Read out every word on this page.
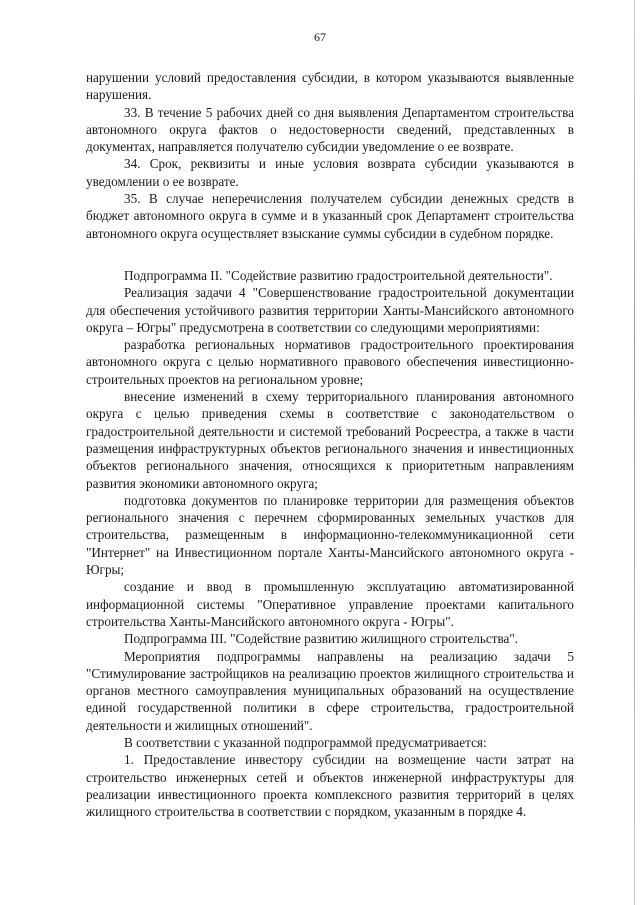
67

нарушении условий предоставления субсидии, в котором указываются выявленные нарушения.

33. В течение 5 рабочих дней со дня выявления Департаментом строительства автономного округа фактов о недостоверности сведений, представленных в документах, направляется получателю субсидии уведомление о ее возврате.

34. Срок, реквизиты и иные условия возврата субсидии указываются в уведомлении о ее возврате.

35. В случае неперечисления получателем субсидии денежных средств в бюджет автономного округа в сумме и в указанный срок Департамент строительства автономного округа осуществляет взыскание суммы субсидии в судебном порядке.

Подпрограмма II. "Содействие развитию градостроительной деятельности".

Реализация задачи 4 "Совершенствование градостроительной документации для обеспечения устойчивого развития территории Ханты-Мансийского автономного округа – Югры" предусмотрена в соответствии со следующими мероприятиями:

разработка региональных нормативов градостроительного проектирования автономного округа с целью нормативного правового обеспечения инвестиционно-строительных проектов на региональном уровне;

внесение изменений в схему территориального планирования автономного округа с целью приведения схемы в соответствие с законодательством о градостроительной деятельности и системой требований Росреестра, а также в части размещения инфраструктурных объектов регионального значения и инвестиционных объектов регионального значения, относящихся к приоритетным направлениям развития экономики автономного округа;

подготовка документов по планировке территории для размещения объектов регионального значения с перечнем сформированных земельных участков для строительства, размещенным в информационно-телекоммуникационной сети "Интернет" на Инвестиционном портале Ханты-Мансийского автономного округа - Югры;

создание и ввод в промышленную эксплуатацию автоматизированной информационной системы "Оперативное управление проектами капитального строительства Ханты-Мансийского автономного округа - Югры".

Подпрограмма III. "Содействие развитию жилищного строительства".

Мероприятия подпрограммы направлены на реализацию задачи 5 "Стимулирование застройщиков на реализацию проектов жилищного строительства и органов местного самоуправления муниципальных образований на осуществление единой государственной политики в сфере строительства, градостроительной деятельности и жилищных отношений".

В соответствии с указанной подпрограммой предусматривается:

1. Предоставление инвестору субсидии на возмещение части затрат на строительство инженерных сетей и объектов инженерной инфраструктуры для реализации инвестиционного проекта комплексного развития территорий в целях жилищного строительства в соответствии с порядком, указанным в порядке 4.
